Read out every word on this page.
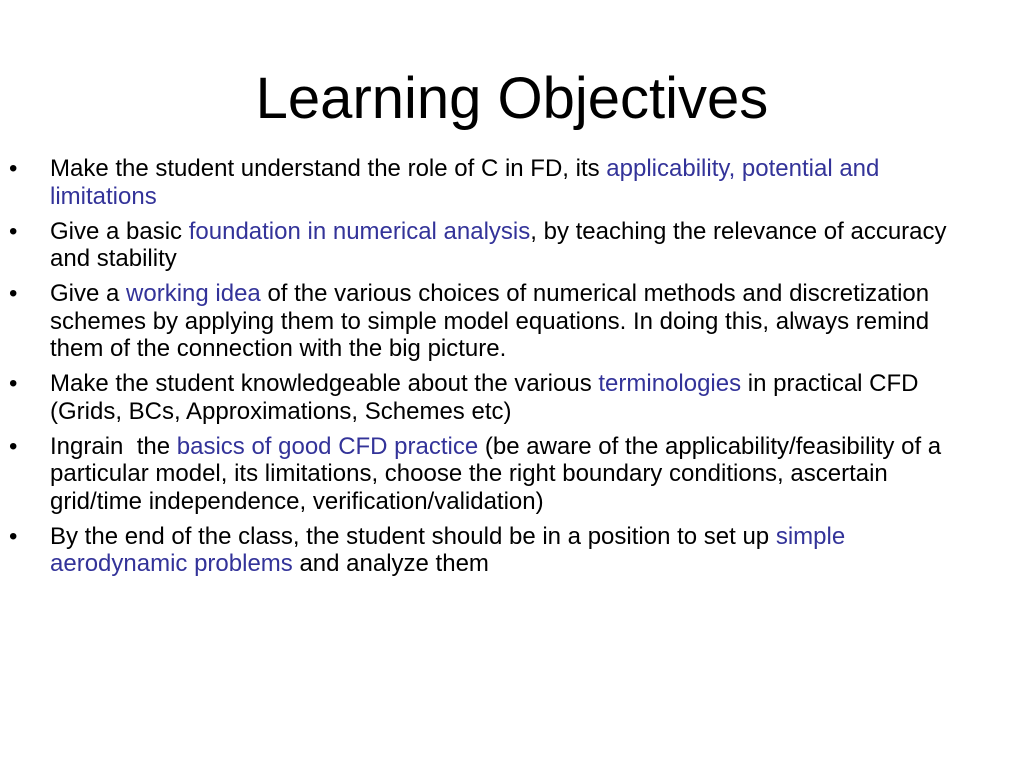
Learning Objectives
• Make the student understand the role of C in FD, its applicability, potential and limitations
• Give a basic foundation in numerical analysis, by teaching the relevance of accuracy and stability
• Give a working idea of the various choices of numerical methods and discretization schemes by applying them to simple model equations. In doing this, always remind them of the connection with the big picture.
• Make the student knowledgeable about the various terminologies in practical CFD (Grids, BCs, Approximations, Schemes etc)
• Ingrain  the basics of good CFD practice (be aware of the applicability/feasibility of a particular model, its limitations, choose the right boundary conditions, ascertain grid/time independence, verification/validation)
• By the end of the class, the student should be in a position to set up simple aerodynamic problems and analyze them
